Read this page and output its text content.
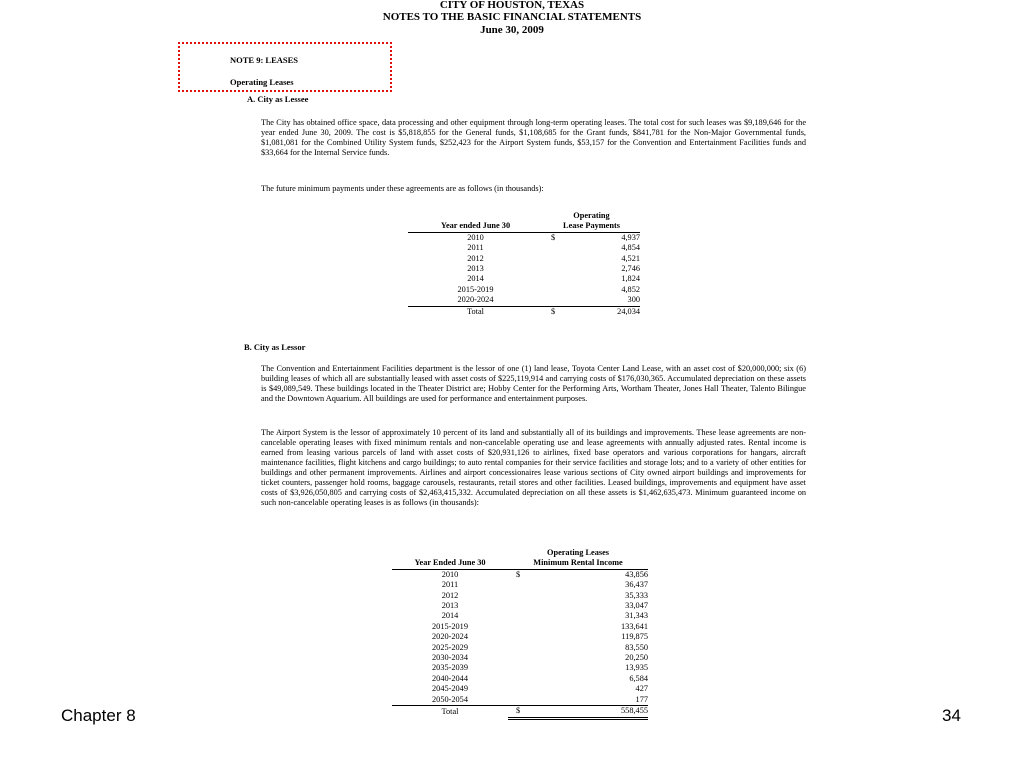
CITY OF HOUSTON, TEXAS
NOTES TO THE BASIC FINANCIAL STATEMENTS
June 30, 2009
NOTE 9: LEASES
Operating Leases
A. City as Lessee

The City has obtained office space, data processing and other equipment through long-term operating leases. The total cost for such leases was $9,189,646 for the year ended June 30, 2009. The cost is $5,818,855 for the General funds, $1,108,685 for the Grant funds, $841,781 for the Non-Major Governmental funds, $1,081,081 for the Combined Utility System funds, $252,423 for the Airport System funds, $53,157 for the Convention and Entertainment Facilities funds and $33,664 for the Internal Service funds.

The future minimum payments under these agreements are as follows (in thousands):

	Operating	
Year ended June 30	Lease Payments	
2010	$	4,937
2011		4,854
2012		4,521
2013		2,746
2014		1,824
2015-2019		4,852
2020-2024		300
Total	$	24,034
B. City as Lessor

The Convention and Entertainment Facilities department is the lessor of one (1) land lease, Toyota Center Land Lease, with an asset cost of $20,000,000; six (6) building leases of which all are substantially leased with asset costs of $225,119,914 and carrying costs of $176,030,365. Accumulated depreciation on these assets is $49,089,549. These buildings located in the Theater District are; Hobby Center for the Performing Arts, Wortham Theater, Jones Hall Theater, Talento Bilingue and the Downtown Aquarium. All buildings are used for performance and entertainment purposes.

The Airport System is the lessor of approximately 10 percent of its land and substantially all of its buildings and improvements. These lease agreements are non-cancelable operating leases with fixed minimum rentals and non-cancelable operating use and lease agreements with annually adjusted rates. Rental income is earned from leasing various parcels of land with asset costs of $20,931,126 to airlines, fixed base operators and various corporations for hangars, aircraft maintenance facilities, flight kitchens and cargo buildings; to auto rental companies for their service facilities and storage lots; and to a variety of other entities for buildings and other permanent improvements. Airlines and airport concessionaires lease various sections of City owned airport buildings and improvements for ticket counters, passenger hold rooms, baggage carousels, restaurants, retail stores and other facilities. Leased buildings, improvements and equipment have asset costs of $3,926,050,805 and carrying costs of $2,463,415,332. Accumulated depreciation on all these assets is $1,462,635,473. Minimum guaranteed income on such non-cancelable operating leases is as follows (in thousands):

	Operating Leases	
Year Ended June 30	Minimum Rental Income	
2010	$	43,856
2011		36,437
2012		35,333
2013		33,047
2014		31,343
2015-2019		133,641
2020-2024		119,875
2025-2029		83,550
2030-2034		20,250
2035-2039		13,935
2040-2044		6,584
2045-2049		427
2050-2054		177
Total	$	558,455
Chapter 8	34
